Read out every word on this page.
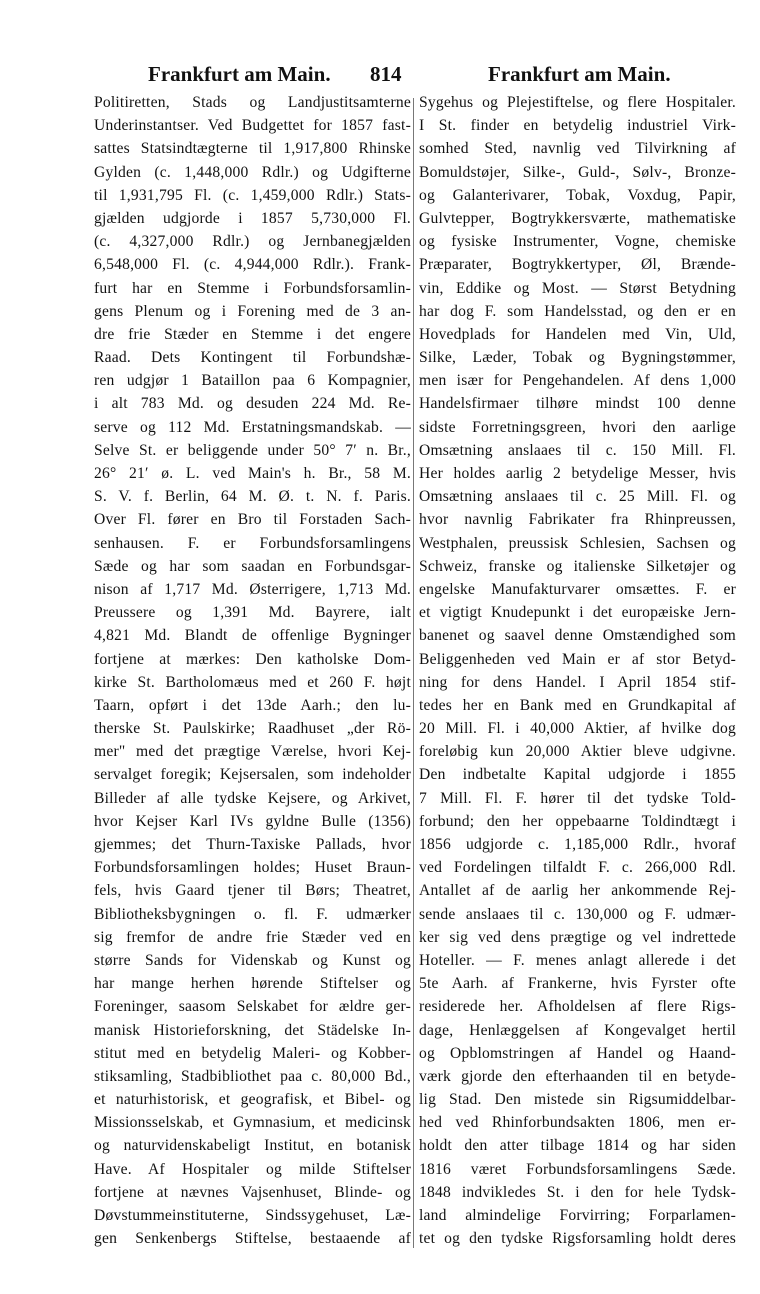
Frankfurt am Main. 814	Frankfurt am Main.
Politiretten, Stads og Landjustitsamterne
Underinstantser. Ved Budgettet for 1857 fast-
sattes Statsindtægterne til 1,917,800 Rhinske
Gylden (c. 1,448,000 Rdlr.) og Udgifterne
til 1,931,795 Fl. (c. 1,459,000 Rdlr.) Stats-
gjælden udgjorde i 1857 5,730,000 Fl.
(c. 4,327,000 Rdlr.) og Jernbanegjælden
6,548,000 Fl. (c. 4,944,000 Rdlr.). Frank-
furt har en Stemme i Forbundsforsamlin-
gens Plenum og i Forening med de 3 an-
dre frie Stæder en Stemme i det engere
Raad. Dets Kontingent til Forbundshæ-
ren udgjør 1 Bataillon paa 6 Kompagnier,
i alt 783 Md. og desuden 224 Md. Re-
serve og 112 Md. Erstatningsmandskab. —
Selve St. er beliggende under 50° 7′ n. Br.,
26° 21′ ø. L. ved Main's h. Br., 58 M.
S. V. f. Berlin, 64 M. Ø. t. N. f. Paris.
Over Fl. fører en Bro til Forstaden Sach-
senhausen. F. er Forbundsforsamlingens
Sæde og har som saadan en Forbundsgar-
nison af 1,717 Md. Østerrigere, 1,713 Md.
Preussere og 1,391 Md. Bayrere, ialt
4,821 Md. Blandt de offenlige Bygninger
fortjene at mærkes: Den katholske Dom-
kirke St. Bartholomæus med et 260 F. højt
Taarn, opført i det 13de Aarh.; den lu-
therske St. Paulskirke; Raadhuset „der Rö-
mer" med det prægtige Værelse, hvori Kej-
servalget foregik; Kejsersalen, som indeholder
Billeder af alle tydske Kejsere, og Arkivet,
hvor Kejser Karl IVs gyldne Bulle (1356)
gjemmes; det Thurn-Taxiske Pallads, hvor
Forbundsforsamlingen holdes; Huset Braun-
fels, hvis Gaard tjener til Børs; Theatret,
Bibliotheksbygningen o. fl. F. udmærker
sig fremfor de andre frie Stæder ved en
større Sands for Videnskab og Kunst og
har mange herhen hørende Stiftelser og
Foreninger, saasom Selskabet for ældre ger-
manisk Historieforskning, det Städelske In-
stitut med en betydelig Maleri- og Kobber-
stiksamling, Stadbibliothet paa c. 80,000 Bd.,
et naturhistorisk, et geografisk, et Bibel- og
Missionsselskab, et Gymnasium, et medicinsk
og naturvidenskabeligt Institut, en botanisk
Have. Af Hospitaler og milde Stiftelser
fortjene at nævnes Vajsenhuset, Blinde- og
Døvstummeinstituterne, Sindssygehuset, Læ-
gen Senkenbergs Stiftelse, bestaaende af
Sygehus og Plejestiftelse, og flere Hospitaler.
I St. finder en betydelig industriel Virk-
somhed Sted, navnlig ved Tilvirkning af
Bomuldstøjer, Silke-, Guld-, Sølv-, Bronze-
og Galanterivarer, Tobak, Voxdug, Papir,
Gulvtepper, Bogtrykkersværte, mathematiske
og fysiske Instrumenter, Vogne, chemiske
Præparater, Bogtrykkertyper, Øl, Brænde-
vin, Eddike og Most. — Størst Betydning
har dog F. som Handelsstad, og den er en
Hovedplads for Handelen med Vin, Uld,
Silke, Læder, Tobak og Bygningstømmer,
men især for Pengehandelen. Af dens 1,000
Handelsfirmaer tilhøre mindst 100 denne
sidste Forretningsgreen, hvori den aarlige
Omsætning anslaaes til c. 150 Mill. Fl.
Her holdes aarlig 2 betydelige Messer, hvis
Omsætning anslaaes til c. 25 Mill. Fl. og
hvor navnlig Fabrikater fra Rhinpreussen,
Westphalen, preussisk Schlesien, Sachsen og
Schweiz, franske og italienske Silketøjer og
engelske Manufakturvarer omsættes. F. er
et vigtigt Knudepunkt i det europæiske Jern-
banenet og saavel denne Omstændighed som
Beliggenheden ved Main er af stor Betyd-
ning for dens Handel. I April 1854 stif-
tedes her en Bank med en Grundkapital af
20 Mill. Fl. i 40,000 Aktier, af hvilke dog
foreløbig kun 20,000 Aktier bleve udgivne.
Den indbetalte Kapital udgjorde i 1855
7 Mill. Fl. F. hører til det tydske Told-
forbund; den her oppebaarne Toldindtægt i
1856 udgjorde c. 1,185,000 Rdlr., hvoraf
ved Fordelingen tilfaldt F. c. 266,000 Rdl.
Antallet af de aarlig her ankommende Rej-
sende anslaaes til c. 130,000 og F. udmær-
ker sig ved dens prægtige og vel indrettede
Hoteller. — F. menes anlagt allerede i det
5te Aarh. af Frankerne, hvis Fyrster ofte
residerede her. Afholdelsen af flere Rigs-
dage, Henlæggelsen af Kongevalget hertil
og Opblomstringen af Handel og Haand-
værk gjorde den efterhaanden til en betyde-
lig Stad. Den mistede sin Rigsumiddelbar-
hed ved Rhinforbundsakten 1806, men er-
holdt den atter tilbage 1814 og har siden
1816 været Forbundsforsamlingens Sæde.
1848 indvikledes St. i den for hele Tydsk-
land almindelige Forvirring; Forparlamen-
tet og den tydske Rigsforsamling holdt deres
